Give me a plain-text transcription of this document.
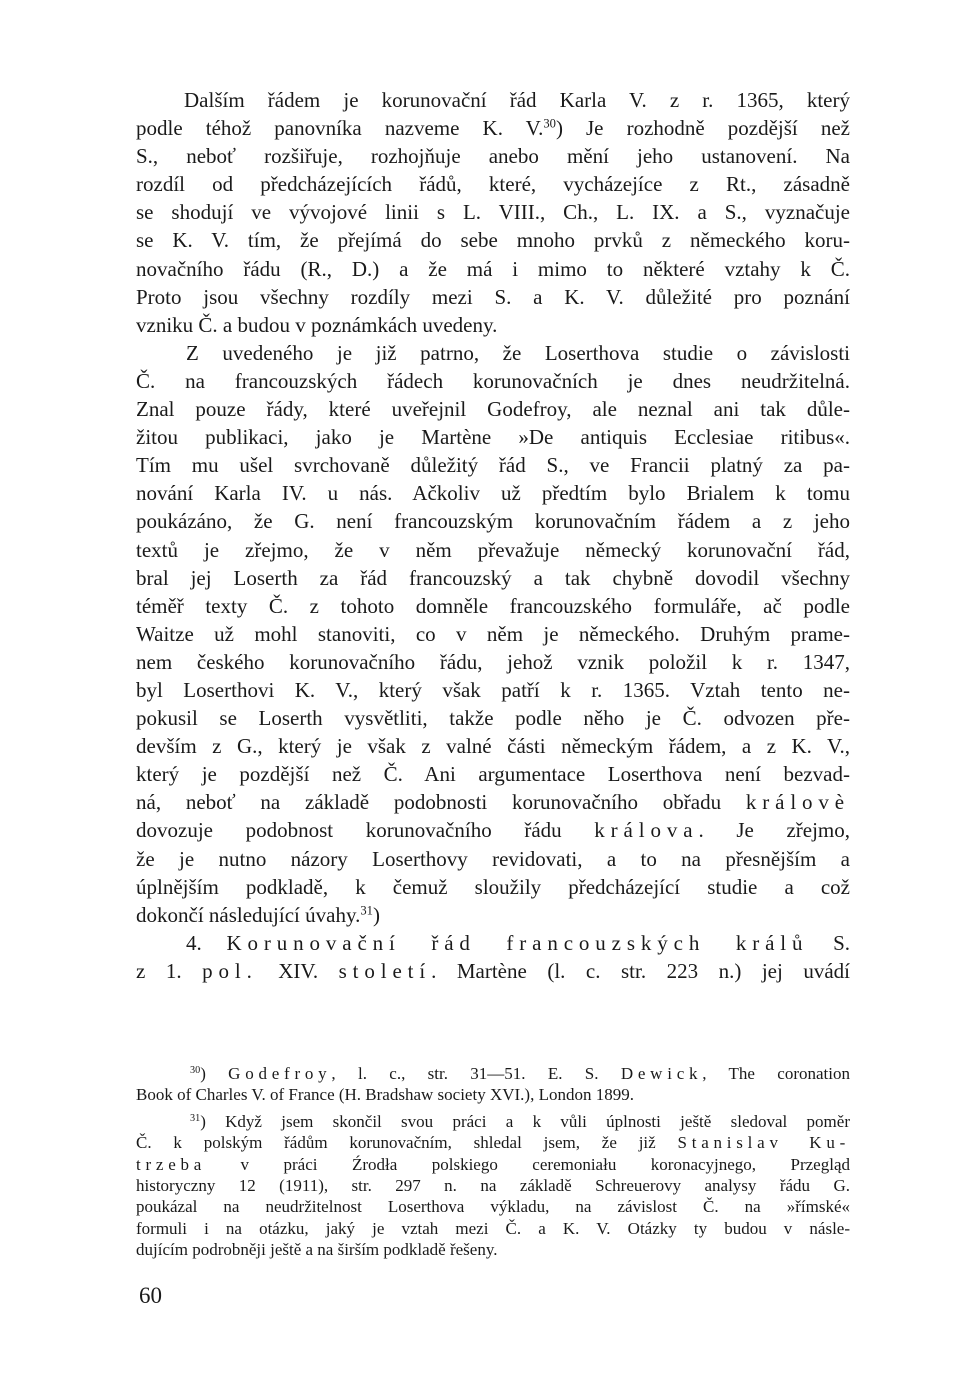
Dalším řádem je korunovační řád Karla V. z r. 1365, který
podle téhož panovníka nazveme K. V.$^{30}$) Je rozhodně pozdější než
S., neboť rozšiřuje, rozhojňuje anebo mění jeho ustanovení. Na
rozdíl od předcházejících řádů, které, vycházejíce z Rt., zásadně
se shodují ve vývojové linii s L. VIII., Ch., L. IX. a S., vyznačuje
se K. V. tím, že přejímá do sebe mnoho prvků z německého koru-
novačního řádu (R., D.) a že má i mimo to některé vztahy k Č.
Proto jsou všechny rozdíly mezi S. a K. V. důležité pro poznání
vzniku Č. a budou v poznámkách uvedeny.
Z uvedeného je již patrno, že Loserthova studie o závislosti
Č. na francouzských řádech korunovačních je dnes neudržitelná.
Znal pouze řády, které uveřejnil Godefroy, ale neznal ani tak důle-
žitou publikaci, jako je Martène »De antiquis Ecclesiae ritibus«.
Tím mu ušel svrchovaně důležitý řád S., ve Francii platný za pa-
nování Karla IV. u nás. Ačkoliv už předtím bylo Brialem k tomu
poukázáno, že G. není francouzským korunovačním řádem a z jeho
textů je zřejmo, že v něm převažuje německý korunovační řád,
bral jej Loserth za řád francouzský a tak chybně dovodil všechny
téměř texty Č. z tohoto domněle francouzského formuláře, ač podle
Waitze už mohl stanoviti, co v něm je německého. Druhým prame-
nem českého korunovačního řádu, jehož vznik položil k r. 1347,
byl Loserthovi K. V., který však patří k r. 1365. Vztah tento ne-
pokusil se Loserth vysvětliti, takže podle něho je Č. odvozen pře-
devším z G., který je však z valné části německým řádem, a z K. V.,
který je pozdější než Č. Ani argumentace Loserthova není bezvad-
ná, neboť na základě podobnosti korunovačního obřadu královè
dovozuje podobnost korunovačního řádu králova. Je zřejmo,
že je nutno názory Loserthovy revidovati, a to na přesnějším a
úplnějším podkladě, k čemuž sloužily předcházející studie a což
dokončí následující úvahy.$^{31}$)
4. Korunovační řád francouzských králů S.
z 1. pol. XIV. století. Martène (l. c. str. 223 n.) jej uvádí
$^{30}$) Godefroy, l. c., str. 31—51. E. S. Dewick, The coronation
Book of Charles V. of France (H. Bradshaw society XVI.), London 1899.
$^{31}$) Když jsem skončil svou práci a k vůli úplnosti ještě sledoval poměr
Č. k polským řádům korunovačním, shledal jsem, že již Stanislav Ku-
trzeba v práci Źrodła polskiego ceremoniału koronacyjnego, Przegląd
historyczny 12 (1911), str. 297 n. na základě Schreuerovy analysy řádu G.
poukázal na neudržitelnost Loserthova výkladu, na závislost Č. na »římské«
formuli i na otázku, jaký je vztah mezi Č. a K. V. Otázky ty budou v násle-
dujícím podrobněji ještě a na širším podkladě řešeny.
60
